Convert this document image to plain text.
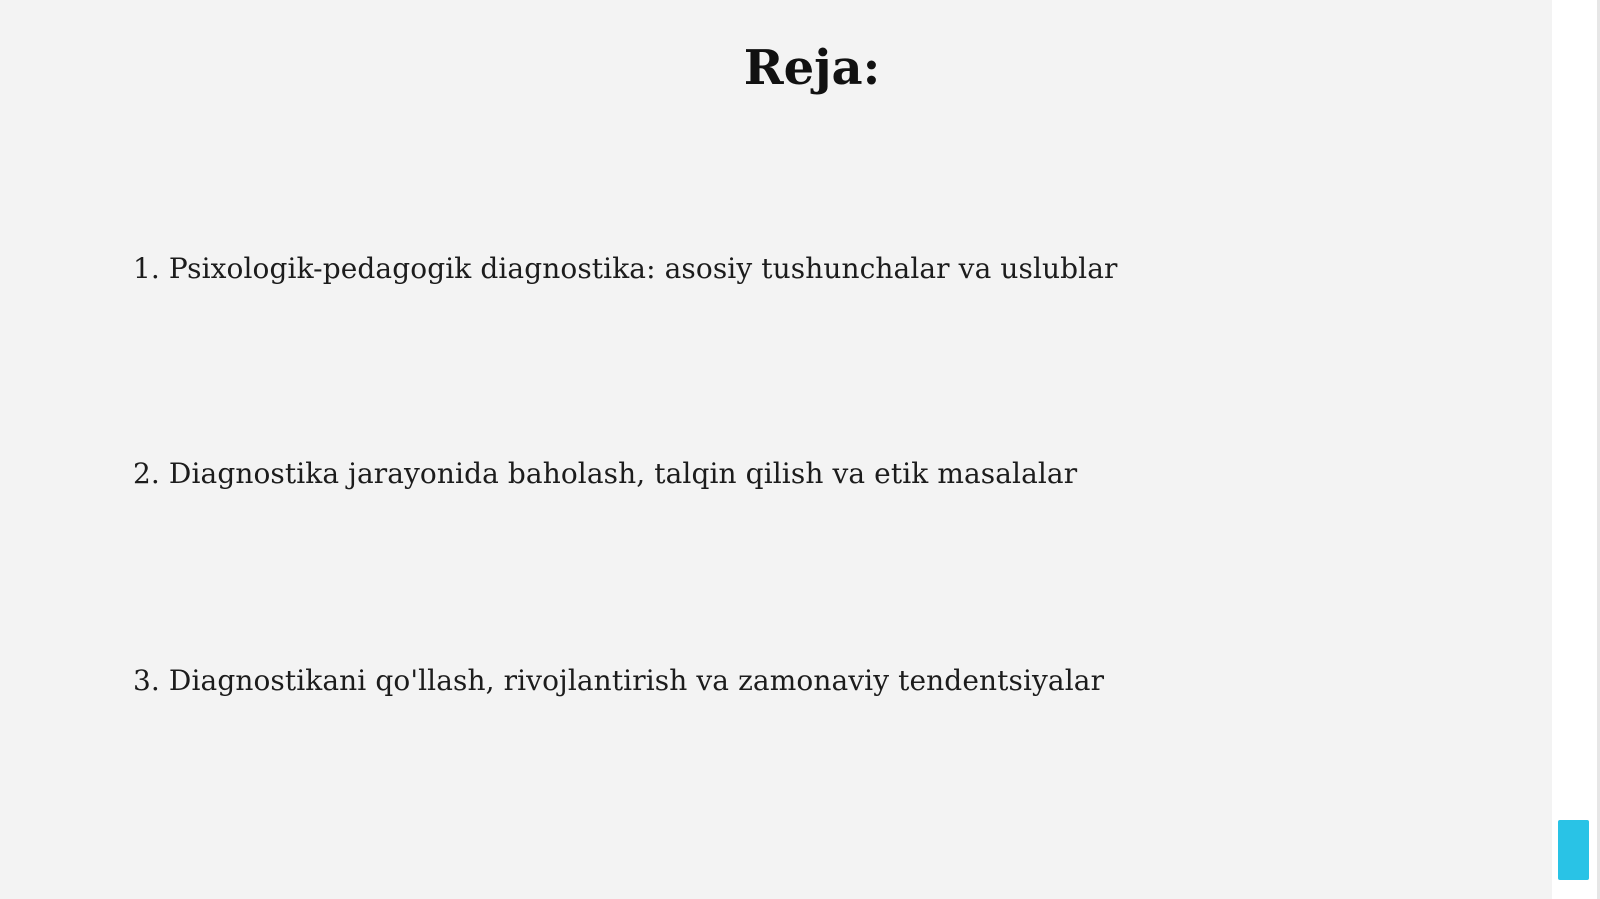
Reja:
1. Psixologik-pedagogik diagnostika: asosiy tushunchalar va uslublar
2. Diagnostika jarayonida baholash, talqin qilish va etik masalalar
3. Diagnostikani qo'llash, rivojlantirish va zamonaviy tendentsiyalar
